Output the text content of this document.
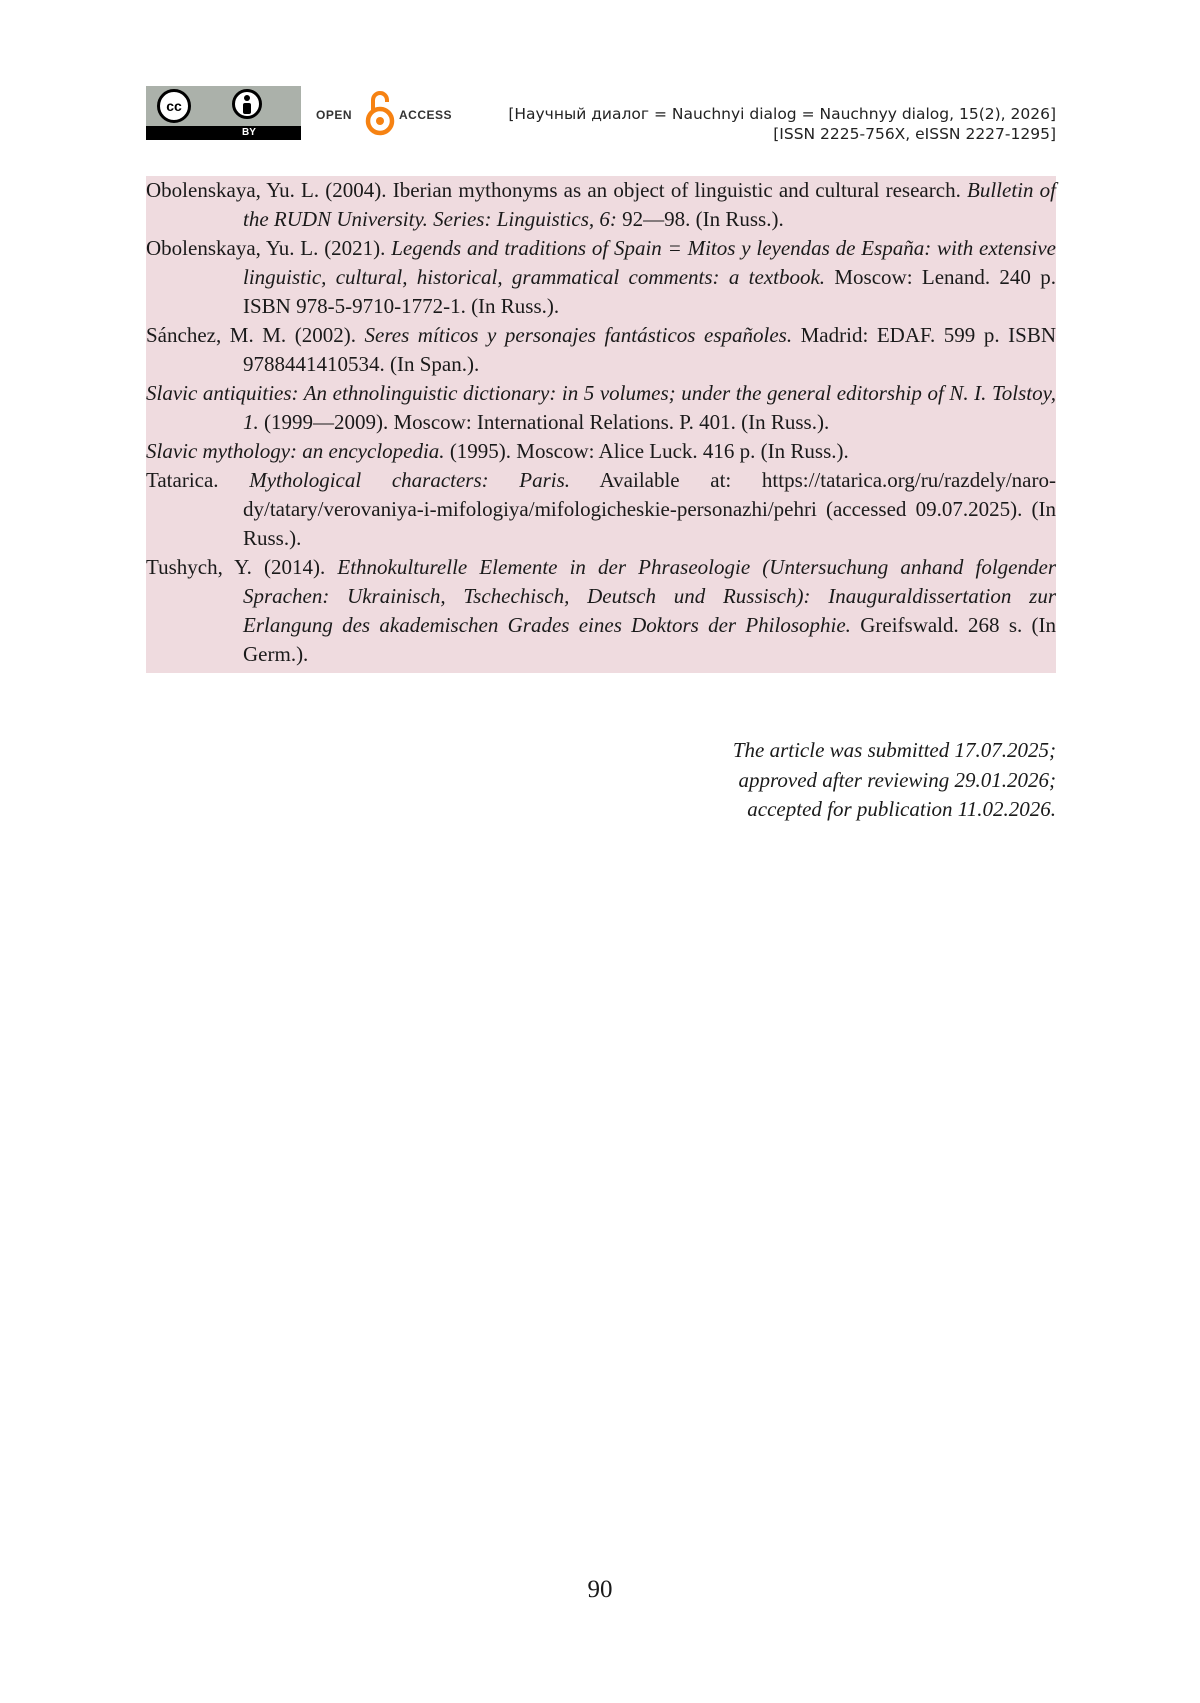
cc
BY
OPEN	ACCESS	[Научный диалог = Nauchnyi dialog = Nauchnyy dialog, 15(2), 2026]
[ISSN 2225-756X, eISSN 2227-1295]
Obolenskaya, Yu. L. (2004). Iberian mythonyms as an object of linguistic and cultural research. Bulletin of the RUDN University. Series: Linguistics, 6: 92—98. (In Russ.).
Obolenskaya, Yu. L. (2021). Legends and traditions of Spain = Mitos y leyendas de España: with extensive linguistic, cultural, historical, grammatical comments: a textbook. Moscow: Lenand. 240 p. ISBN 978-5-9710-1772-1. (In Russ.).
Sánchez, M. M. (2002). Seres míticos y personajes fantásticos españoles. Madrid: EDAF. 599 p. ISBN 9788441410534. (In Span.).
Slavic antiquities: An ethnolinguistic dictionary: in 5 volumes; under the general editorship of N. I. Tolstoy, 1. (1999—2009). Moscow: International Relations. P. 401. (In Russ.).
Slavic mythology: an encyclopedia. (1995). Moscow: Alice Luck. 416 p. (In Russ.).
Tatarica. Mythological characters: Paris. Available at: https://tatarica.org/ru/razdely/narody/tatary/verovaniya-i-mifologiya/mifologicheskie-personazhi/pehri (accessed 09.07.2025). (In Russ.).
Tushych, Y. (2014). Ethnokulturelle Elemente in der Phraseologie (Untersuchung anhand folgender Sprachen: Ukrainisch, Tschechisch, Deutsch und Russisch): Inauguraldissertation zur Erlangung des akademischen Grades eines Doktors der Philosophie. Greifswald. 268 s. (In Germ.).
The article was submitted 17.07.2025;
approved after reviewing 29.01.2026;
accepted for publication 11.02.2026.
90
